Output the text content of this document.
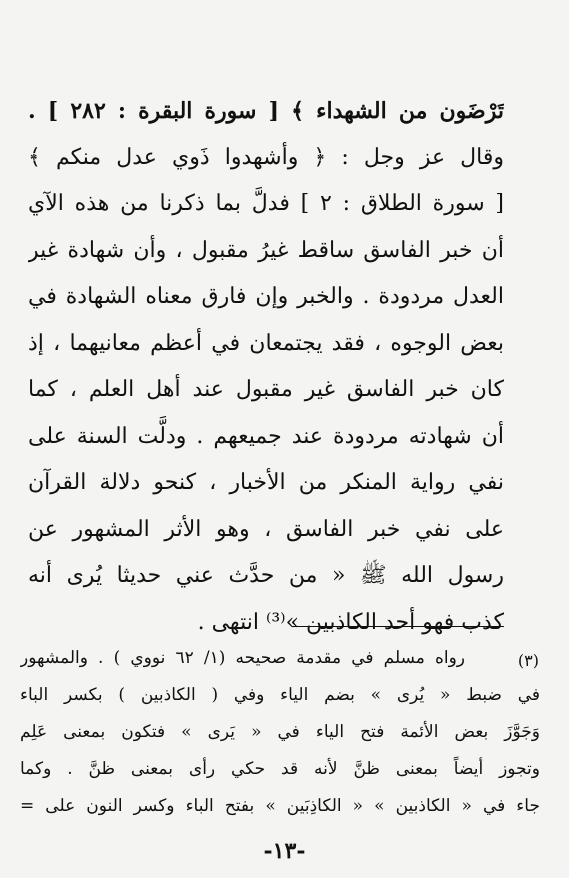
تَرْضَون من الشهداء ﴾ [ سورة البقرة : ٢٨٢ ] .
وقال عز وجل : ﴿ وأشهدوا ذَوي عدل منكم ﴾
[ سورة الطلاق : ٢ ] فدلَّ بما ذكرنا من هذه الآي
أن خبر الفاسق ساقط غيرُ مقبول ، وأن شهادة غير
العدل مردودة . والخبر وإن فارق معناه الشهادة في
بعض الوجوه ، فقد يجتمعان في أعظم معانيهما ، إذ
كان خبر الفاسق غير مقبول عند أهل العلم ، كما
أن شهادته مردودة عند جميعهم . ودلَّت السنة على
نفي رواية المنكر من الأخبار ، كنحو دلالة القرآن
على نفي خبر الفاسق ، وهو الأثر المشهور عن
رسول الله ﷺ « من حدَّث عني حديثا يُرى أنه
كذب فهو أحد الكاذبين »⁽³⁾ انتهى .
(٣)
رواه مسلم في مقدمة صحيحه (١/ ٦٢ نووي ) . والمشهور
في ضبط « يُرى » بضم الياء وفي ( الكاذبين ) بكسر الباء
وَجَوَّزَ بعض الأئمة فتح الياء في « يَرى » فتكون بمعنى عَلِم
وتجوز أيضاً بمعنى ظنَّ لأنه قد حكي رأى بمعنى ظنَّ . وكما
جاء في « الكاذبين » « الكاذِبَين » بفتح الباء وكسر النون على =
-١٣-
